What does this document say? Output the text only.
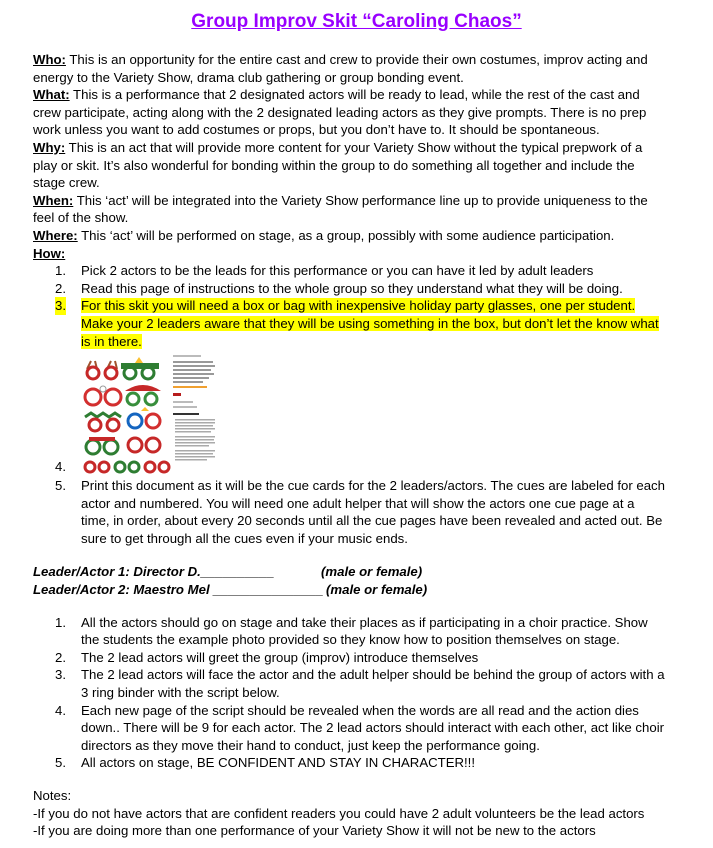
Group Improv Skit “Caroling Chaos”

Who: This is an opportunity for the entire cast and crew to provide their own costumes, improv acting and energy to the Variety Show, drama club gathering or group bonding event.

What: This is a performance that 2 designated actors will be ready to lead, while the rest of the cast and crew participate, acting along with the 2 designated leading actors as they give prompts. There is no prep work unless you want to add costumes or props, but you don’t have to. It should be spontaneous.

Why: This is an act that will provide more content for your Variety Show without the typical prepwork of a play or skit. It’s also wonderful for bonding within the group to do something all together and include the stage crew.

When: This ‘act’ will be integrated into the Variety Show performance line up to provide uniqueness to the feel of the show.

Where: This ‘act’ will be performed on stage, as a group, possibly with some audience participation.

How:

1. Pick 2 actors to be the leads for this performance or you can have it led by adult leaders
2. Read this page of instructions to the whole group so they understand what they will be doing.
3. For this skit you will need a box or bag with inexpensive holiday party glasses, one per student. Make your 2 leaders aware that they will be using something in the box, but don’t let the know what is in there.
4.
5. Print this document as it will be the cue cards for the 2 leaders/actors. The cues are labeled for each actor and numbered. You will need one adult helper that will show the actors one cue page at a time, in order, about every 20 seconds until all the cue pages have been revealed and acted out. Be sure to get through all the cues even if your music ends.
Leader/Actor 1: Director D.__________	(male or female)
Leader/Actor 2: Maestro Mel _______________ (male or female)
1. All the actors should go on stage and take their places as if participating in a choir practice. Show the students the example photo provided so they know how to position themselves on stage.
2. The 2 lead actors will greet the group (improv) introduce themselves
3. The 2 lead actors will face the actor and the adult helper should be behind the group of actors with a 3 ring binder with the script below.
4. Each new page of the script should be revealed when the words are all read and the action dies down.. There will be 9 for each actor. The 2 lead actors should interact with each other, act like choir directors as they move their hand to conduct, just keep the performance going.
5. All actors on stage, BE CONFIDENT AND STAY IN CHARACTER!!!

Notes:

-If you do not have actors that are confident readers you could have 2 adult volunteers be the lead actors

-If you are doing more than one performance of your Variety Show it will not be new to the actors
